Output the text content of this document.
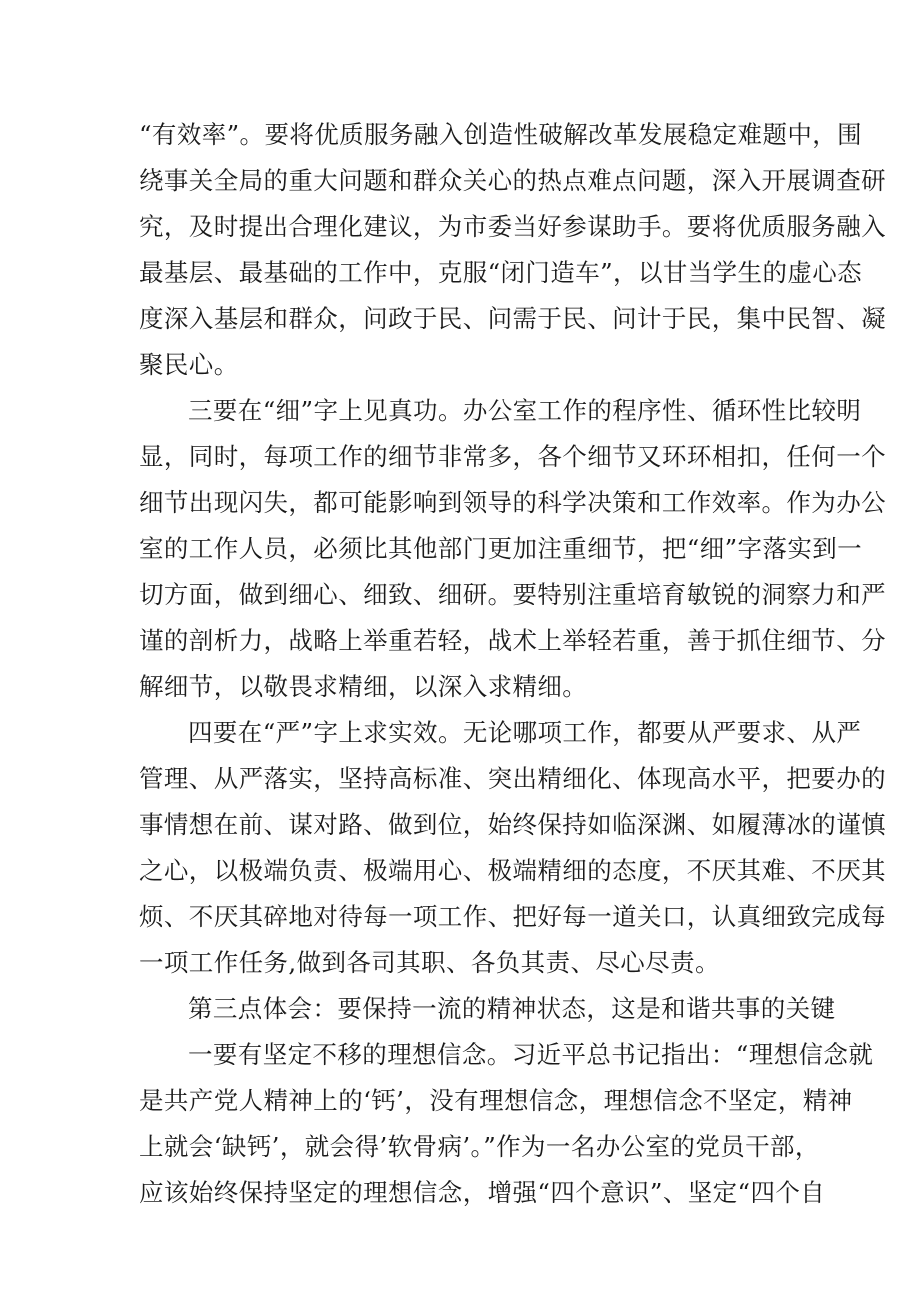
“有效率”。要将优质服务融入创造性破解改革发展稳定难题中，围
绕事关全局的重大问题和群众关心的热点难点问题，深入开展调查研
究，及时提出合理化建议，为市委当好参谋助手。要将优质服务融入
最基层、最基础的工作中，克服“闭门造车”，以甘当学生的虚心态
度深入基层和群众，问政于民、问需于民、问计于民，集中民智、凝
聚民心。
三要在“细”字上见真功。办公室工作的程序性、循环性比较明
显，同时，每项工作的细节非常多，各个细节又环环相扣，任何一个
细节出现闪失，都可能影响到领导的科学决策和工作效率。作为办公
室的工作人员，必须比其他部门更加注重细节，把“细”字落实到一
切方面，做到细心、细致、细研。要特别注重培育敏锐的洞察力和严
谨的剖析力，战略上举重若轻，战术上举轻若重，善于抓住细节、分
解细节，以敬畏求精细，以深入求精细。
四要在“严”字上求实效。无论哪项工作，都要从严要求、从严
管理、从严落实，坚持高标准、突出精细化、体现高水平，把要办的
事情想在前、谋对路、做到位，始终保持如临深渊、如履薄冰的谨慎
之心，以极端负责、极端用心、极端精细的态度，不厌其难、不厌其
烦、不厌其碎地对待每一项工作、把好每一道关口，认真细致完成每
一项工作任务,做到各司其职、各负其责、尽心尽责。
第三点体会：要保持一流的精神状态，这是和谐共事的关键
一要有坚定不移的理想信念。习近平总书记指出：“理想信念就
是共产党人精神上的‘钙’，没有理想信念，理想信念不坚定，精神
上就会‘缺钙’，就会得’软骨病’。”作为一名办公室的党员干部，
应该始终保持坚定的理想信念，增强“四个意识”、坚定“四个自
